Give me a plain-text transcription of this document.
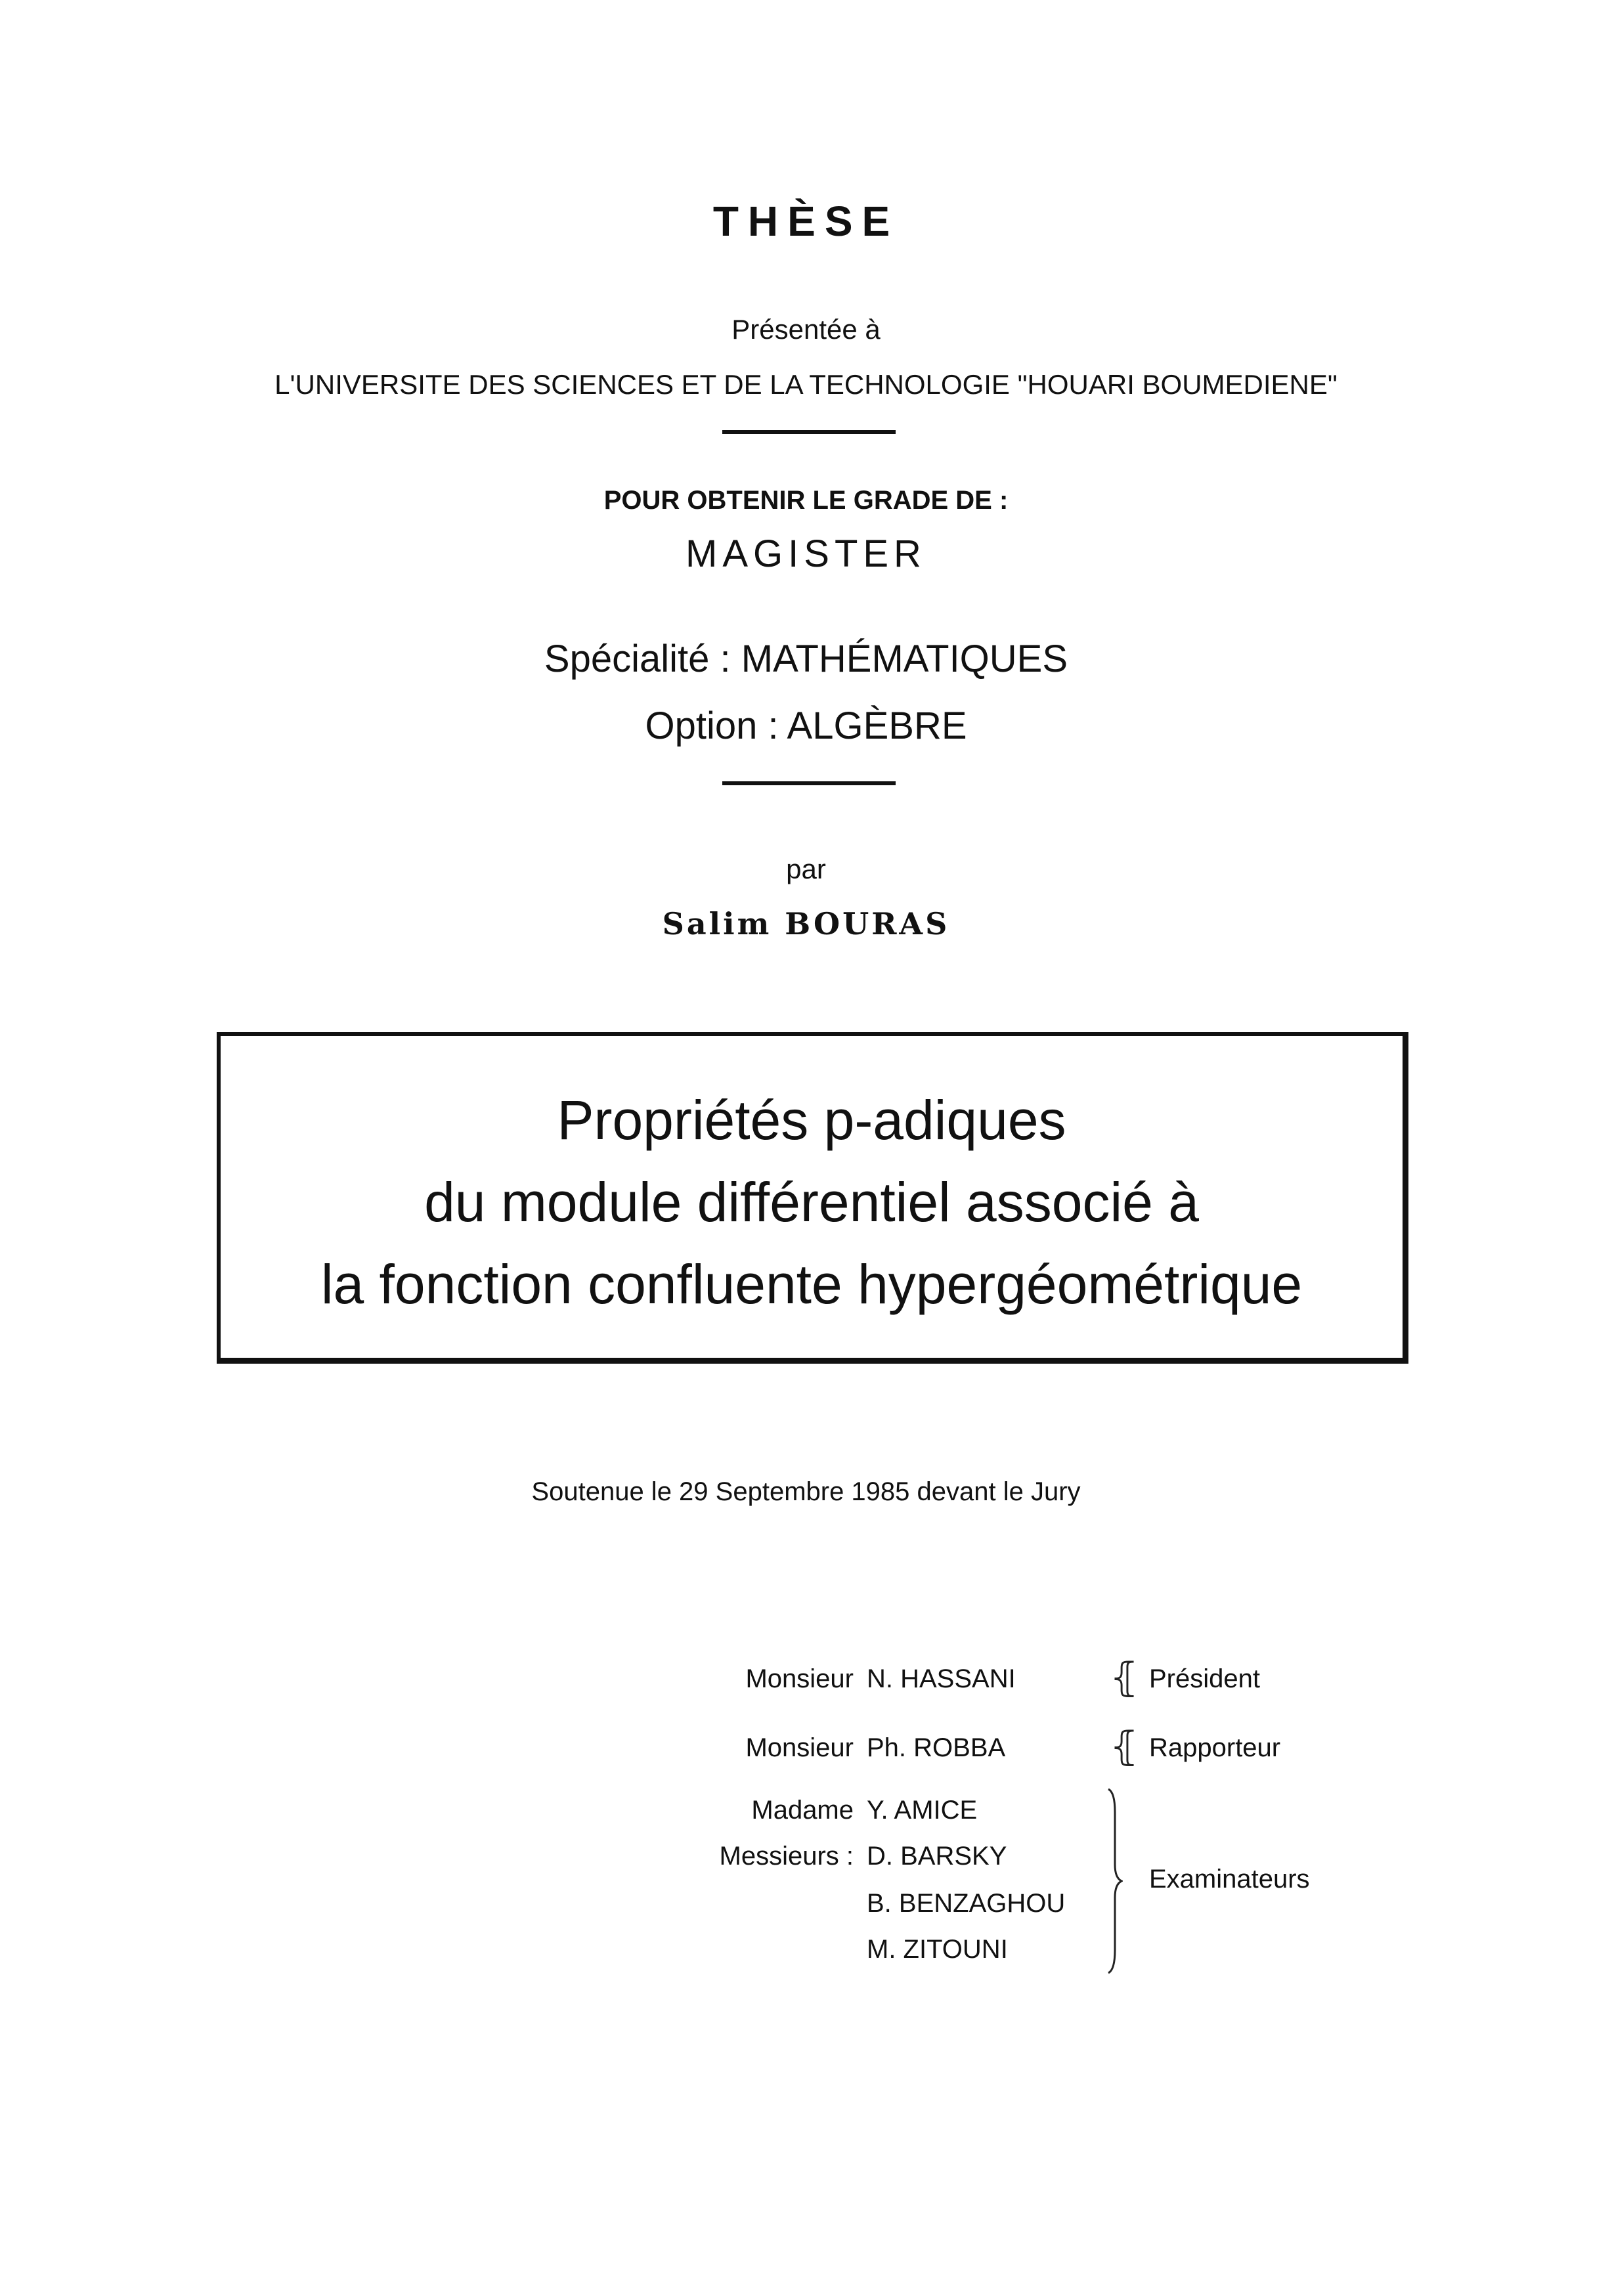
THÈSE
Présentée à
L'UNIVERSITE DES SCIENCES ET DE LA TECHNOLOGIE "HOUARI BOUMEDIENE"
POUR OBTENIR LE GRADE DE :
MAGISTER
Spécialité : MATHÉMATIQUES
Option : ALGÈBRE
par
Salim BOURAS
Propriétés p-adiques
du module différentiel associé à
la fonction confluente hypergéométrique
Soutenue le 29 Septembre 1985 devant le Jury
Monsieur N. HASSANI ⦃ Président
Monsieur Ph. ROBBA	⦃ Rapporteur
Madame Y. AMICE
Messieurs : D. BARSKY
B. BENZAGHOU
M. ZITOUNI
Examinateurs
